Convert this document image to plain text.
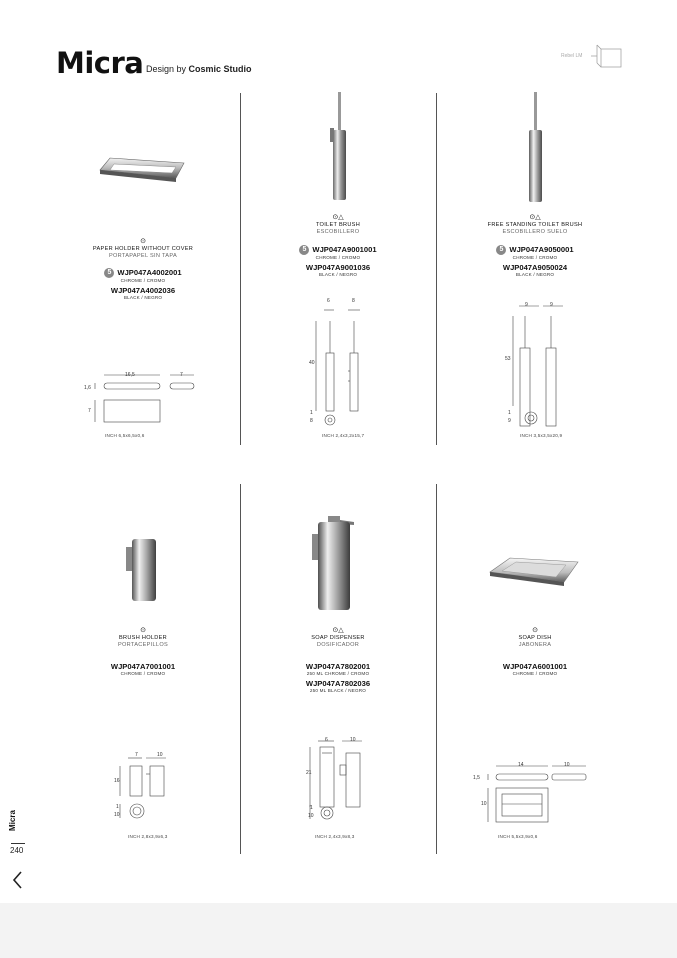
Micra Design by Cosmic Studio
Rebel LM
⊙
PAPER HOLDER WITHOUT COVER
PORTAPAPEL SIN TAPA
5 WJP047A4002001
CHROME / CROMO
WJP047A4002036
BLACK / NEGRO
16,5	7
1,6
7
INCH 6,5x6,5x0,6
⊙△
TOILET BRUSH
ESCOBILLERO
5 WJP047A9001001
CHROME / CROMO
WJP047A9001036
BLACK / NEGRO
6	8
40
1
8
INCH 2,4x3,2x15,7
⊙△
FREE STANDING TOILET BRUSH
ESCOBILLERO SUELO
5 WJP047A9050001
CHROME / CROMO
WJP047A9050024
BLACK / NEGRO
9	9
53
1
9
INCH 3,5x3,5x20,9
⊙
BRUSH HOLDER
PORTACEPILLOS
WJP047A7001001
CHROME / CROMO
7	10
16
1
10
INCH 2,8x3,9x6,3
⊙△
SOAP DISPENSER
DOSIFICADOR
WJP047A7802001
250 ML CHROME / CROMO
WJP047A7802036
250 ML BLACK / NEGRO
6	10
21
1
10
INCH 2,4x3,9x8,3
⊙
SOAP DISH
JABONERA
WJP047A6001001
CHROME / CROMO
14	10
1,5
10
INCH 5,5x3,9x0,6
Micra
240
